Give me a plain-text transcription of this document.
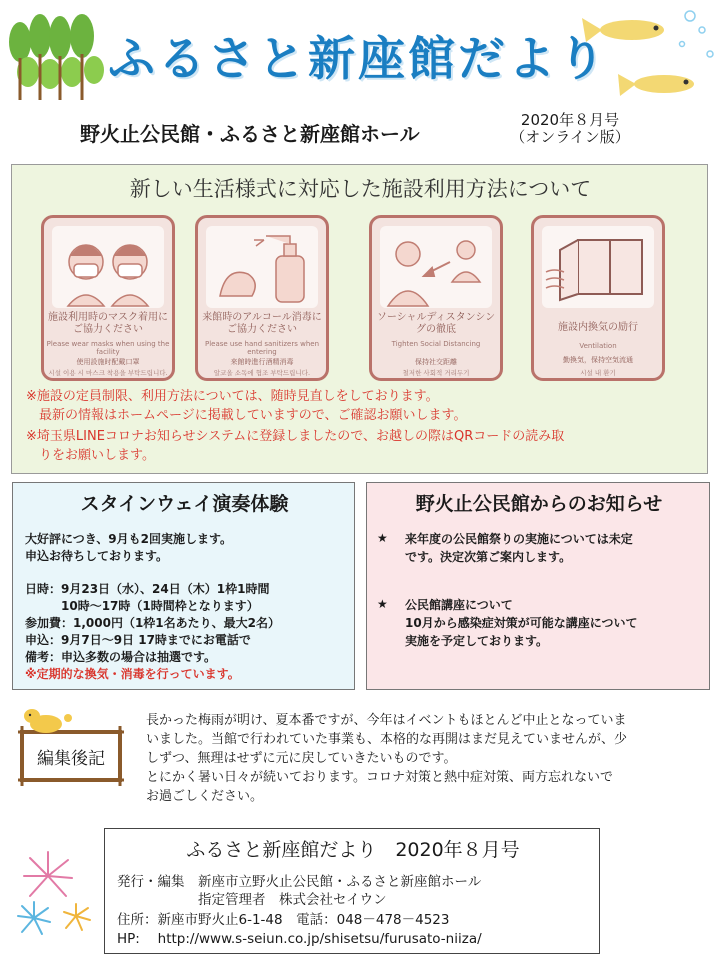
ふるさと新座館だより
野火止公民館・ふるさと新座館ホール
2020年８月号
（オンライン版）
新しい生活様式に対応した施設利用方法について
施設利用時のマスク着用にご協力ください
Please wear masks when using the facility
使用設施时配戴口罩
시설 이용 시 마스크 착용을 부탁드립니다.
来館時のアルコール消毒にご協力ください
Please use hand sanitizers when entering
来館時進行酒精消毒
알코올 소독에 협조 부탁드립니다.
ソーシャルディスタンシングの徹底
Tighten Social Distancing
保持社交距離
철저한 사회적 거리두기
施設内換気の励行
Ventilation
勤換気，保持空気流通
시설 내 환기
※施設の定員制限、利用方法については、随時見直しをしております。
　最新の情報はホームページに掲載していますので、ご確認お願いします。
※埼玉県LINEコロナお知らせシステムに登録しましたので、お越しの際はQRコードの読み取
　りをお願いします。
スタインウェイ演奏体験
大好評につき、9月も2回実施します。
申込お待ちしております。
日時：9月23日（水）、24日（木）1枠1時間
　　　10時～17時（1時間枠となります）
参加費：1,000円（1枠1名あたり、最大2名）
申込：9月7日～9日 17時までにお電話で
備考：申込多数の場合は抽選です。
※定期的な換気・消毒を行っています。
野火止公民館からのお知らせ
★ 来年度の公民館祭りの実施については未定
です。決定次第ご案内します。
★ 公民館講座について
10月から感染症対策が可能な講座について
実施を予定しております。
編集後記
長かった梅雨が明け、夏本番ですが、今年はイベントもほとんど中止となっていま
いました。当館で行われていた事業も、本格的な再開はまだ見えていませんが、少
しずつ、無理はせずに元に戻していきたいものです。
とにかく暑い日々が続いております。コロナ対策と熱中症対策、両方忘れないで
お過ごしください。
ふるさと新座館だより　2020年８月号
発行・編集　新座市立野火止公民館・ふるさと新座館ホール
　　　　　　指定管理者　株式会社セイウン
住所：新座市野火止6-1-48　電話：048－478－4523
HP:　 http://www.s-seiun.co.jp/shisetsu/furusato-niiza/
